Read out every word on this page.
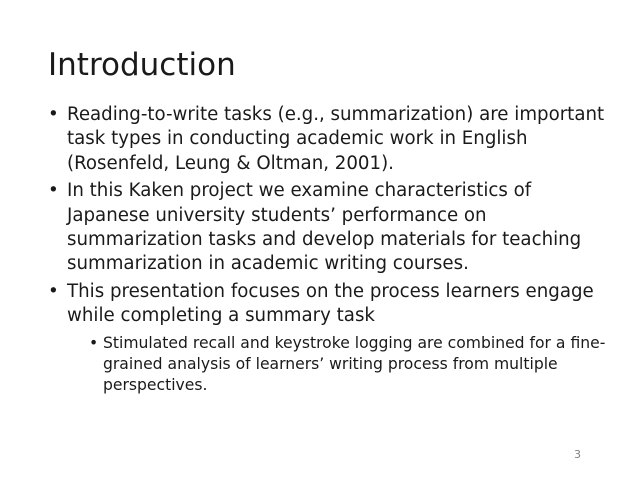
Introduction
• Reading-to-write tasks (e.g., summarization) are important task types in conducting academic work in English (Rosenfeld, Leung & Oltman, 2001).
• In this Kaken project we examine characteristics of Japanese university students’ performance on summarization tasks and develop materials for teaching summarization in academic writing courses.
• This presentation focuses on the process learners engage while completing a summary task
• Stimulated recall and keystroke logging are combined for a fine-grained analysis of learners’ writing process from multiple perspectives.
3
